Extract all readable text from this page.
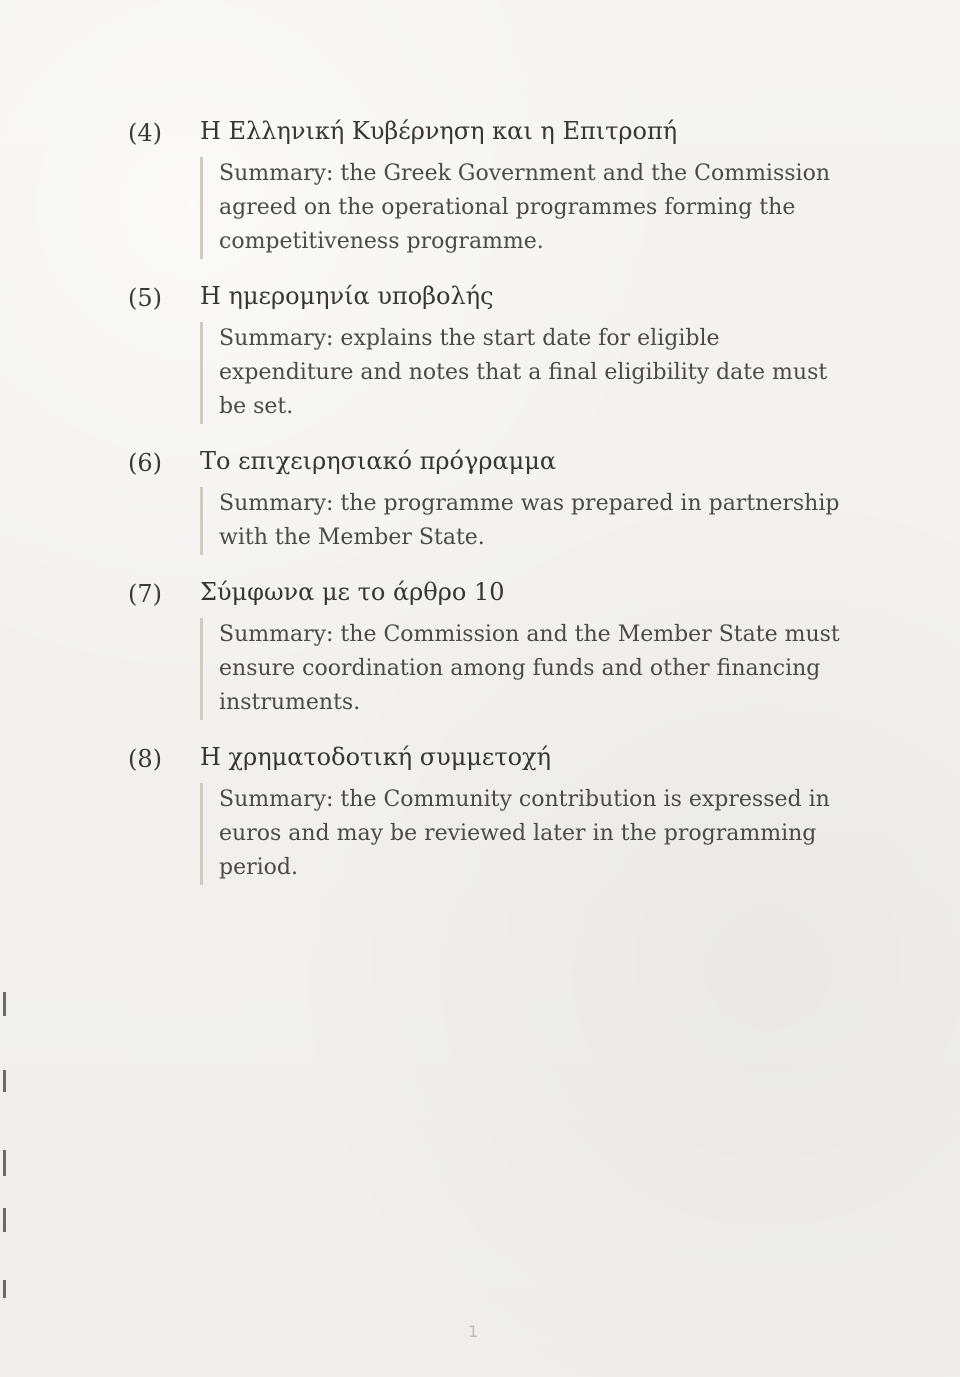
(4)	Η Ελληνική Κυβέρνηση και η Επιτροπή
Summary: the Greek Government and the Commission agreed on the operational programmes forming the competitiveness programme.
(5)	Η ημερομηνία υποβολής
Summary: explains the start date for eligible expenditure and notes that a final eligibility date must be set.
(6)	Το επιχειρησιακό πρόγραμμα
Summary: the programme was prepared in partnership with the Member State.
(7)	Σύμφωνα με το άρθρο 10
Summary: the Commission and the Member State must ensure coordination among funds and other financing instruments.
(8)	Η χρηματοδοτική συμμετοχή
Summary: the Community contribution is expressed in euros and may be reviewed later in the programming period.
1
